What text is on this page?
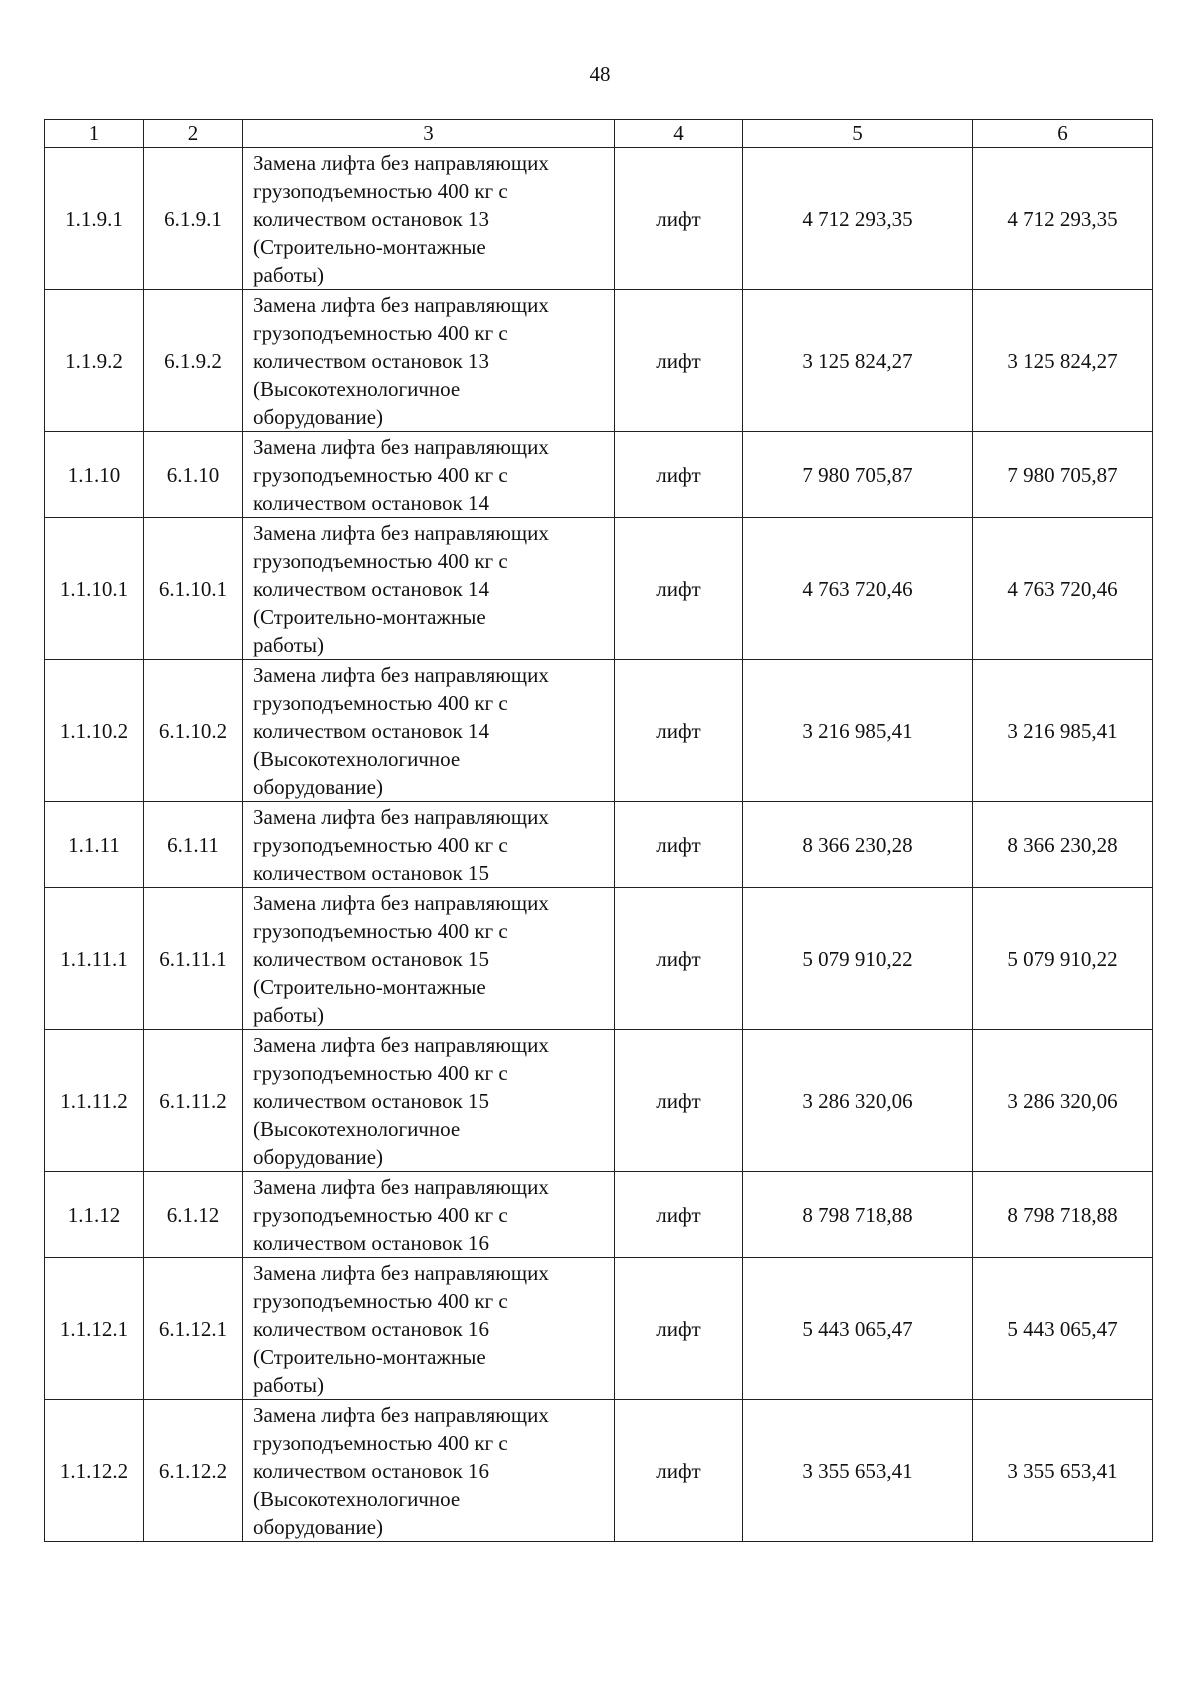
48
1	2	3	4	5	6
1.1.9.1	6.1.9.1	Замена лифта без направляющих
грузоподъемностью 400 кг с
количеством остановок 13
(Строительно-монтажные
работы)	лифт	4 712 293,35	4 712 293,35
1.1.9.2	6.1.9.2	Замена лифта без направляющих
грузоподъемностью 400 кг с
количеством остановок 13
(Высокотехнологичное
оборудование)	лифт	3 125 824,27	3 125 824,27
1.1.10	6.1.10	Замена лифта без направляющих
грузоподъемностью 400 кг с
количеством остановок 14	лифт	7 980 705,87	7 980 705,87
1.1.10.1	6.1.10.1	Замена лифта без направляющих
грузоподъемностью 400 кг с
количеством остановок 14
(Строительно-монтажные
работы)	лифт	4 763 720,46	4 763 720,46
1.1.10.2	6.1.10.2	Замена лифта без направляющих
грузоподъемностью 400 кг с
количеством остановок 14
(Высокотехнологичное
оборудование)	лифт	3 216 985,41	3 216 985,41
1.1.11	6.1.11	Замена лифта без направляющих
грузоподъемностью 400 кг с
количеством остановок 15	лифт	8 366 230,28	8 366 230,28
1.1.11.1	6.1.11.1	Замена лифта без направляющих
грузоподъемностью 400 кг с
количеством остановок 15
(Строительно-монтажные
работы)	лифт	5 079 910,22	5 079 910,22
1.1.11.2	6.1.11.2	Замена лифта без направляющих
грузоподъемностью 400 кг с
количеством остановок 15
(Высокотехнологичное
оборудование)	лифт	3 286 320,06	3 286 320,06
1.1.12	6.1.12	Замена лифта без направляющих
грузоподъемностью 400 кг с
количеством остановок 16	лифт	8 798 718,88	8 798 718,88
1.1.12.1	6.1.12.1	Замена лифта без направляющих
грузоподъемностью 400 кг с
количеством остановок 16
(Строительно-монтажные
работы)	лифт	5 443 065,47	5 443 065,47
1.1.12.2	6.1.12.2	Замена лифта без направляющих
грузоподъемностью 400 кг с
количеством остановок 16
(Высокотехнологичное
оборудование)	лифт	3 355 653,41	3 355 653,41
